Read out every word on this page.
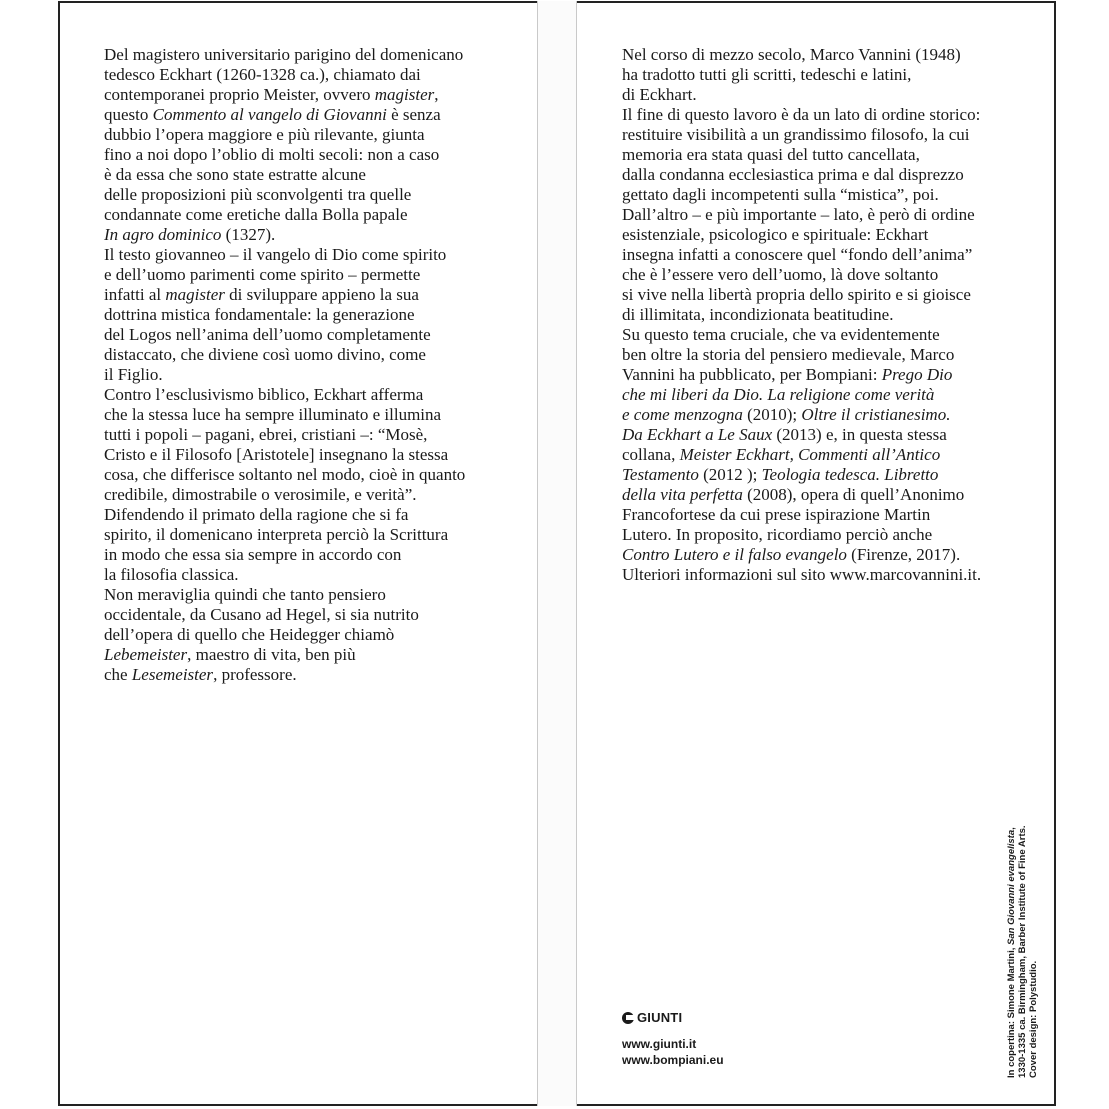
Del magistero universitario parigino del domenicano
tedesco Eckhart (1260-1328 ca.), chiamato dai
contemporanei proprio Meister, ovvero magister,
questo Commento al vangelo di Giovanni è senza
dubbio l’opera maggiore e più rilevante, giunta
fino a noi dopo l’oblio di molti secoli: non a caso
è da essa che sono state estratte alcune
delle proposizioni più sconvolgenti tra quelle
condannate come eretiche dalla Bolla papale
In agro dominico (1327).
Il testo giovanneo – il vangelo di Dio come spirito
e dell’uomo parimenti come spirito – permette
infatti al magister di sviluppare appieno la sua
dottrina mistica fondamentale: la generazione
del Logos nell’anima dell’uomo completamente
distaccato, che diviene così uomo divino, come
il Figlio.
Contro l’esclusivismo biblico, Eckhart afferma
che la stessa luce ha sempre illuminato e illumina
tutti i popoli – pagani, ebrei, cristiani –: “Mosè,
Cristo e il Filosofo [Aristotele] insegnano la stessa
cosa, che differisce soltanto nel modo, cioè in quanto
credibile, dimostrabile o verosimile, e verità”.
Difendendo il primato della ragione che si fa
spirito, il domenicano interpreta perciò la Scrittura
in modo che essa sia sempre in accordo con
la filosofia classica.
Non meraviglia quindi che tanto pensiero
occidentale, da Cusano ad Hegel, si sia nutrito
dell’opera di quello che Heidegger chiamò
Lebemeister, maestro di vita, ben più
che Lesemeister, professore.
Nel corso di mezzo secolo, Marco Vannini (1948)
ha tradotto tutti gli scritti, tedeschi e latini,
di Eckhart.
Il fine di questo lavoro è da un lato di ordine storico:
restituire visibilità a un grandissimo filosofo, la cui
memoria era stata quasi del tutto cancellata,
dalla condanna ecclesiastica prima e dal disprezzo
gettato dagli incompetenti sulla “mistica”, poi.
Dall’altro – e più importante – lato, è però di ordine
esistenziale, psicologico e spirituale: Eckhart
insegna infatti a conoscere quel “fondo dell’anima”
che è l’essere vero dell’uomo, là dove soltanto
si vive nella libertà propria dello spirito e si gioisce
di illimitata, incondizionata beatitudine.
Su questo tema cruciale, che va evidentemente
ben oltre la storia del pensiero medievale, Marco
Vannini ha pubblicato, per Bompiani: Prego Dio
che mi liberi da Dio. La religione come verità
e come menzogna (2010); Oltre il cristianesimo.
Da Eckhart a Le Saux (2013) e, in questa stessa
collana, Meister Eckhart, Commenti all’Antico
Testamento (2012 ); Teologia tedesca. Libretto
della vita perfetta (2008), opera di quell’Anonimo
Francofortese da cui prese ispirazione Martin
Lutero. In proposito, ricordiamo perciò anche
Contro Lutero e il falso evangelo (Firenze, 2017).
Ulteriori informazioni sul sito www.marcovannini.it.
GIUNTI
www.giunti.it
www.bompiani.eu	In copertina: Simone Martini, San Giovanni evangelista, 1330-1335 ca. Birmingham, Barber Institute of Fine Arts. Cover design: Polystudio.
